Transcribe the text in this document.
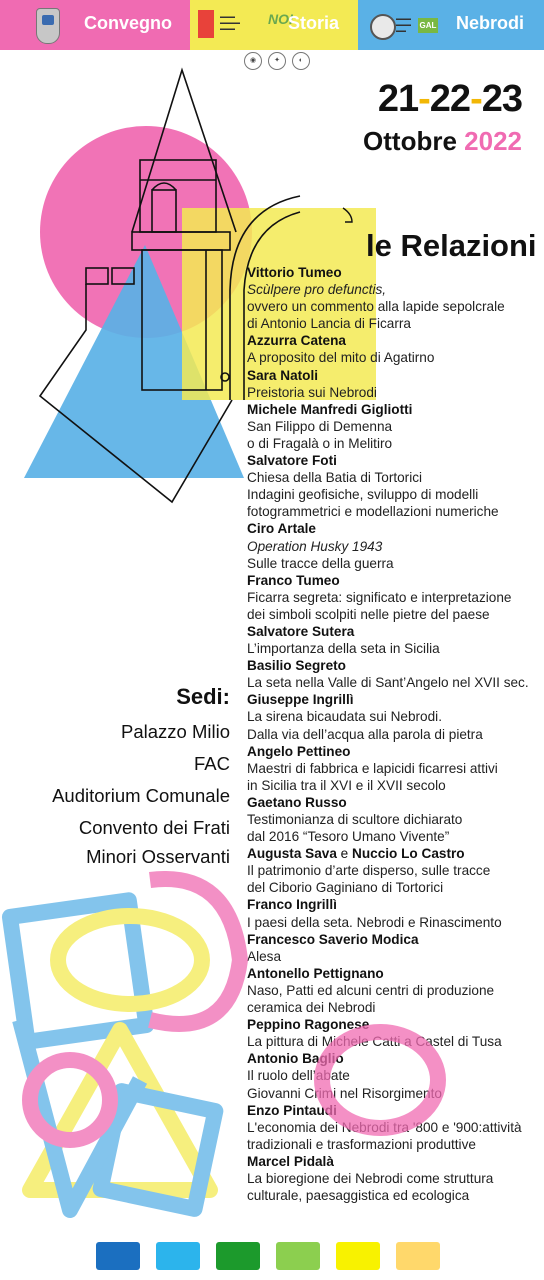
Convegno	▬▬▬
▬▬▬▬
▬▬▬
NOI
Storia	▬▬▬
▬▬▬
▬▬
GAL Nebrodi
◉	✦	◐
21-22-23
Ottobre 2022
le Relazioni
Vittorio Tumeo
Scùlpere pro defunctis,
ovvero un commento alla lapide sepolcrale
di Antonio Lancia di Ficarra
Azzurra Catena
A proposito del mito di Agatirno
Sara Natoli
Preistoria sui Nebrodi
Michele Manfredi Gigliotti
San Filippo di Demenna
o di Fragalà o in Melitiro
Salvatore Foti
Chiesa della Batia di Tortorici
Indagini geofisiche, sviluppo di modelli
fotogrammetrici e modellazioni numeriche
Ciro Artale
Operation Husky 1943
Sulle tracce della guerra
Franco Tumeo
Ficarra segreta: significato e interpretazione
dei simboli scolpiti nelle pietre del paese
Salvatore Sutera
L’importanza della seta in Sicilia
Basilio Segreto
La seta nella Valle di Sant’Angelo nel XVII sec.
Giuseppe Ingrillì
La sirena bicaudata sui Nebrodi.
Dalla via dell’acqua alla parola di pietra
Angelo Pettineo
Maestri di fabbrica e lapicidi ficarresi attivi
in Sicilia tra il XVI e il XVII secolo
Gaetano Russo
Testimonianza di scultore dichiarato
dal 2016 “Tesoro Umano Vivente”
Augusta Sava e Nuccio Lo Castro
Il patrimonio d’arte disperso, sulle tracce
del Ciborio Gaginiano di Tortorici
Franco Ingrillì
I paesi della seta. Nebrodi e Rinascimento
Francesco Saverio Modica
Alesa
Antonello Pettignano
Naso, Patti ed alcuni centri di produzione
ceramica dei Nebrodi
Peppino Ragonese
La pittura di Michele Catti a Castel di Tusa
Antonio Baglio
Il ruolo dell’abate
Giovanni Crimi nel Risorgimento
Enzo Pintaudi
L'economia dei Nebrodi tra '800 e '900:attività
tradizionali e trasformazioni produttive
Marcel Pidalà
La bioregione dei Nebrodi come struttura
culturale, paesaggistica ed ecologica
Sedi:
Palazzo Milio
FAC
Auditorium Comunale
Convento dei Frati
Minori Osservanti
